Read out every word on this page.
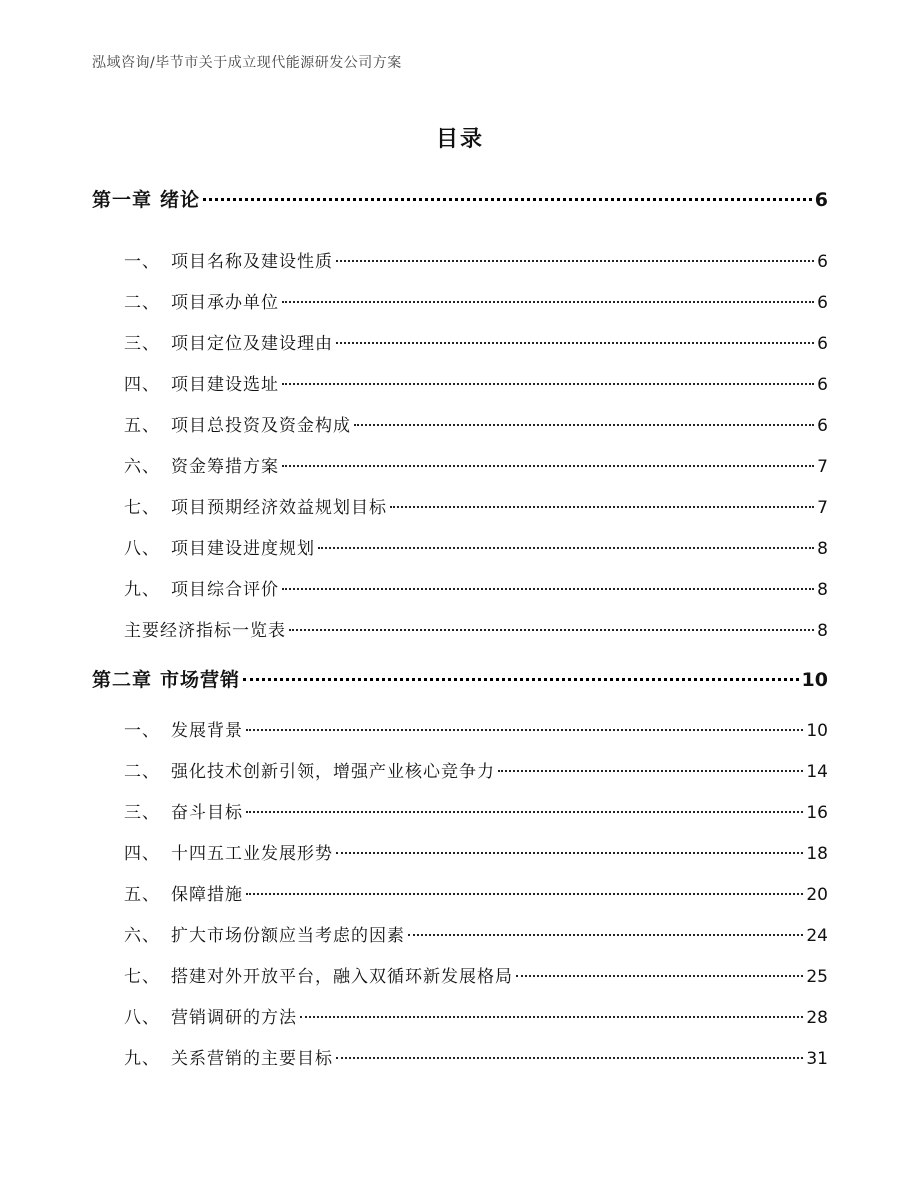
泓域咨询/毕节市关于成立现代能源研发公司方案
目录
第一章 绪论	6
一、 项目名称及建设性质	6
二、 项目承办单位	6
三、 项目定位及建设理由	6
四、 项目建设选址	6
五、 项目总投资及资金构成	6
六、 资金筹措方案	7
七、 项目预期经济效益规划目标	7
八、 项目建设进度规划	8
九、 项目综合评价	8
主要经济指标一览表	8
第二章 市场营销	10
一、 发展背景	10
二、 强化技术创新引领，增强产业核心竞争力	14
三、 奋斗目标	16
四、 十四五工业发展形势	18
五、 保障措施	20
六、 扩大市场份额应当考虑的因素	24
七、 搭建对外开放平台，融入双循环新发展格局	25
八、 营销调研的方法	28
九、 关系营销的主要目标	31
